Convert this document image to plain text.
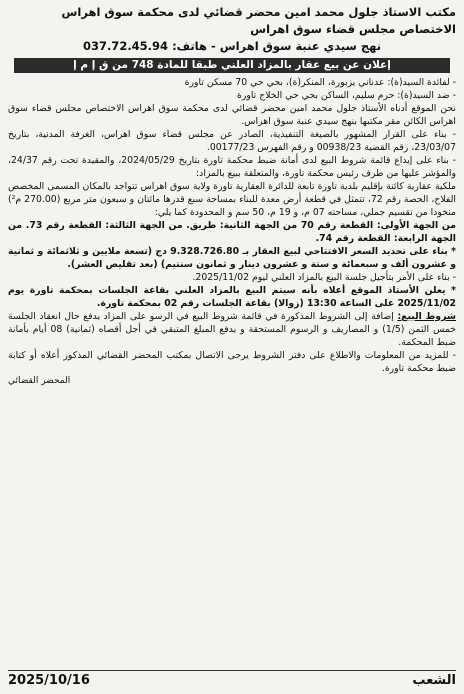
مكتب الاستاذ جلول محمد امين محضر قضائي لدى محكمة سوق اهراس
الاختصاص مجلس قضاء سوق اهراس
نهج سيدي عنبة سوق اهراس - هاتف: 037.72.45.94
إعلان عن بيع عقار بالمزاد العلني طبقا للمادة 748 من ق إ م إ

- لفائدة السيد(ة): عدناني يزبورة، المنكر(ة)، بحي حي 70 مسكن تاورة

- ضد السيد(ة): حرم سليم، الساكن بحي حي الخلاج تاورة

نحن الموقع أدناه الأستاذ جلول محمد امين محضر قضائي لدى محكمة سوق اهراس الاختصاص مجلس قضاء سوق اهراس الكائن مقر مكتبها بنهج سيدي عنبة سوق اهراس.

- بناء على القرار المشهور بالصيغة التنفيذية، الصادر عن مجلس قضاء سوق اهراس، الغرفة المدنية، بتاريخ 23/03/07، رقم القضية 00938/23 و رقم الفهرس 00177/23.

- بناء على إيداع قائمة شروط البيع لدى أمانة ضبط محكمة تاورة بتاريخ 2024/05/29، والمقيدة تحت رقم 24/37، والمؤشر عليها من طرف رئيس محكمة تاورة، والمتعلقة ببيع بالمزاد:

ملكية عقارية كائنة بإقليم بلدية تاورة تابعة للدائرة العقارية تاورة ولاية سوق اهراس تتواجد بالمكان المسمى المخصص الفلاح، الحصة رقم 72، تتمثل في قطعة أرض معدة للبناء بمساحة سبع قدرها مائتان و سبعون متر مربع (270.00 م²) منخوذا من تقسيم جملي، مساحته 07 م، و 19 م، 50 سم و المحدودة كما يلي:

من الجهة الأولى: القطعة رقم 70 من الجهة الثانية: طريق. من الجهة الثالثة: القطعة رقم 73. من الجهة الرابعة: القطعة رقم 74.

* بناء على تحديد السعر الافتتاحي لبيع العقار بـ 9.328.726.80 دج (تسعة ملايين و ثلاثمائة و ثمانية و عشرون ألف و سبعمائة و ستة و عشرون دينار و ثمانون سنتيم) (بعد تقليص العشر).

- بناء على الأمر بتأجيل جلسة البيع بالمزاد العلني ليوم 2025/11/02.

* يعلن الأستاذ الموقع أعلاه بأنه سيتم البيع بالمزاد العلني بقاعة الجلسات بمحكمة تاورة يوم 2025/11/02 على الساعة 13:30 (زوالا) بقاعة الجلسات رقم 02 بمحكمة تاورة.

شروط البيع: إضافة إلى الشروط المذكورة في قائمة شروط البيع في الرسو على المزاد يدفع حال انعقاد الجلسة خمس الثمن (1/5) و المصاريف و الرسوم المستحقة و يدفع المبلغ المتبقي في أجل أقصاه (ثمانية) 08 أيام بأمانة ضبط المحكمة.

- للمزيد من المعلومات والاطلاع على دفتر الشروط يرجى الاتصال بمكتب المحضر القضائي المذكور أعلاه أو كتابة ضبط محكمة تاورة.

المحضر القضائي
الشعب
2025/10/16
